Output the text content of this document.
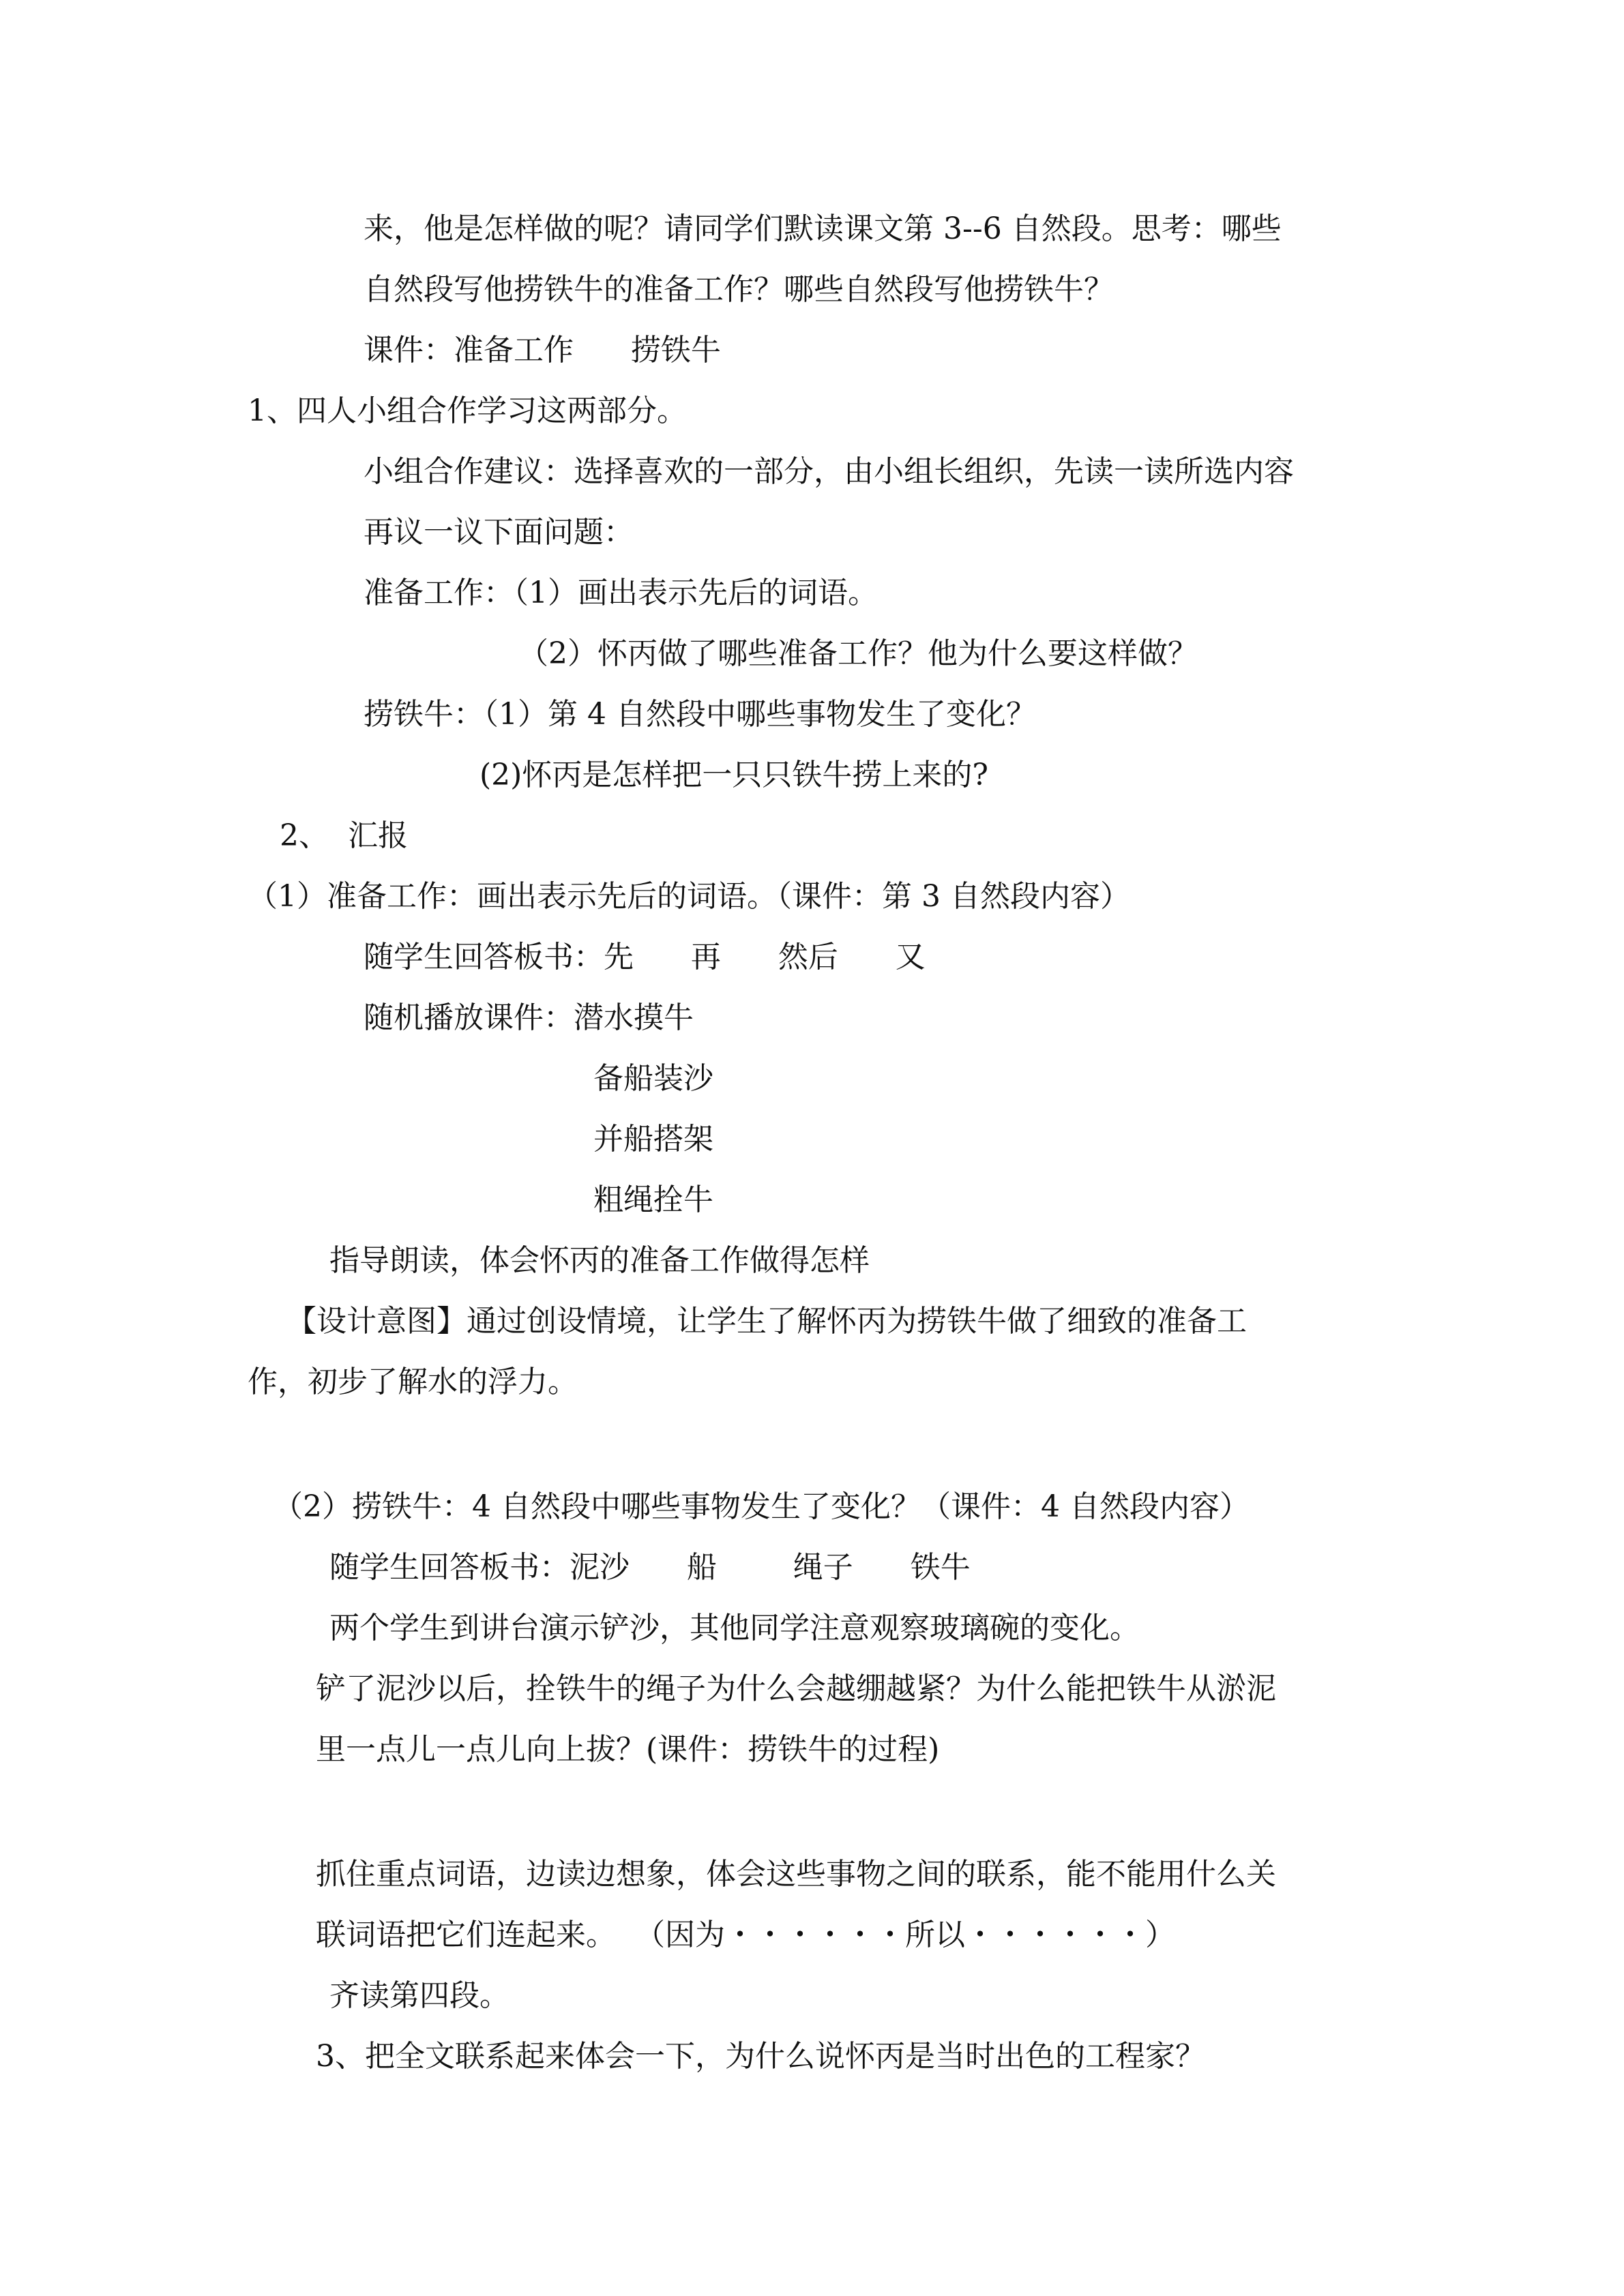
来，他是怎样做的呢？请同学们默读课文第 3--6 自然段。思考：哪些

自然段写他捞铁牛的准备工作？哪些自然段写他捞铁牛？

课件：准备工作      捞铁牛

1、四人小组合作学习这两部分。

小组合作建议：选择喜欢的一部分，由小组长组织，先读一读所选内容

再议一议下面问题：

准备工作：（1）画出表示先后的词语。

（2）怀丙做了哪些准备工作？他为什么要这样做？

捞铁牛：（1）第 4 自然段中哪些事物发生了变化？

(2)怀丙是怎样把一只只铁牛捞上来的?

2、  汇报

（1）准备工作：画出表示先后的词语。（课件：第 3 自然段内容）

随学生回答板书：先      再      然后      又

随机播放课件：潜水摸牛

备船装沙

并船搭架

粗绳拴牛

指导朗读，体会怀丙的准备工作做得怎样

【设计意图】通过创设情境，让学生了解怀丙为捞铁牛做了细致的准备工

作，初步了解水的浮力。

（2）捞铁牛：4 自然段中哪些事物发生了变化？（课件：4 自然段内容）

随学生回答板书：泥沙      船        绳子      铁牛

两个学生到讲台演示铲沙，其他同学注意观察玻璃碗的变化。

铲了泥沙以后，拴铁牛的绳子为什么会越绷越紧？为什么能把铁牛从淤泥

里一点儿一点儿向上拔？(课件：捞铁牛的过程)

抓住重点词语，边读边想象，体会这些事物之间的联系，能不能用什么关

联词语把它们连起来。  （因为・・・・・・所以・・・・・・）

齐读第四段。

3、把全文联系起来体会一下，为什么说怀丙是当时出色的工程家？
